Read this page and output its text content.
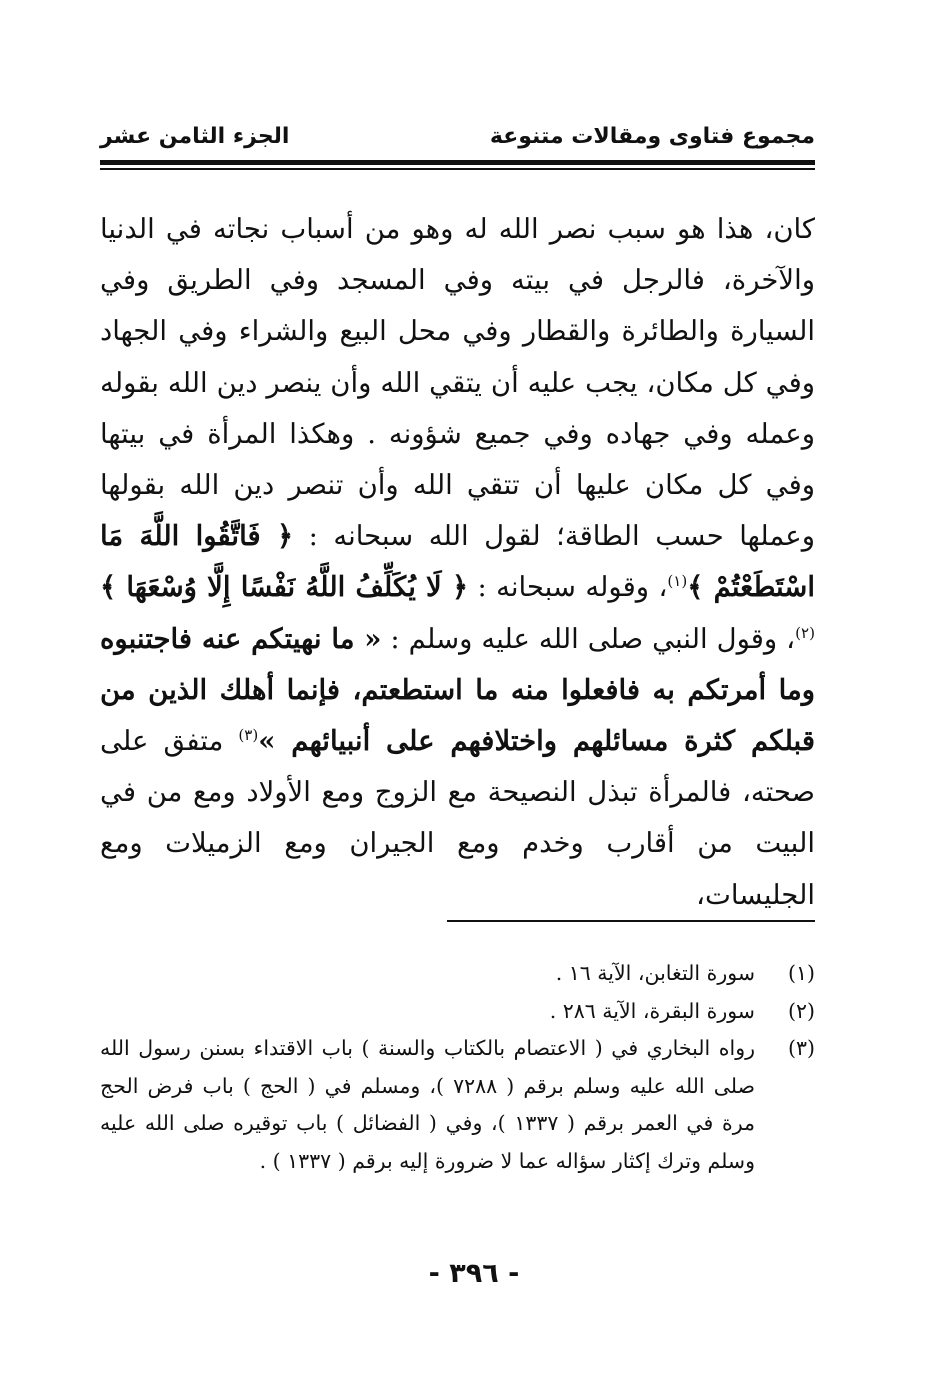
مجموع فتاوى ومقالات متنوعة
الجزء الثامن عشر

كان، هذا هو سبب نصر الله له وهو من أسباب نجاته في الدنيا والآخرة، فالرجل في بيته وفي المسجد وفي الطريق وفي السيارة والطائرة والقطار وفي محل البيع والشراء وفي الجهاد وفي كل مكان، يجب عليه أن يتقي الله وأن ينصر دين الله بقوله وعمله وفي جهاده وفي جميع شؤونه . وهكذا المرأة في بيتها وفي كل مكان عليها أن تتقي الله وأن تنصر دين الله بقولها وعملها حسب الطاقة؛ لقول الله سبحانه : ﴿ فَاتَّقُوا اللَّهَ مَا اسْتَطَعْتُمْ ﴾$^{(١)}$، وقوله سبحانه : ﴿ لَا يُكَلِّفُ اللَّهُ نَفْسًا إِلَّا وُسْعَهَا ﴾$^{(٢)}$، وقول النبي صلى الله عليه وسلم : « ما نهيتكم عنه فاجتنبوه وما أمرتكم به فافعلوا منه ما استطعتم، فإنما أهلك الذين من قبلكم كثرة مسائلهم واختلافهم على أنبيائهم »$^{(٣)}$ متفق على صحته، فالمرأة تبذل النصيحة مع الزوج ومع الأولاد ومع من في البيت من أقارب وخدم ومع الجيران ومع الزميلات ومع الجليسات،

(١)
سورة التغابن، الآية ١٦ .
(٢)
سورة البقرة، الآية ٢٨٦ .
(٣)
رواه البخاري في ( الاعتصام بالكتاب والسنة ) باب الاقتداء بسنن رسول الله صلى الله عليه وسلم برقم ( ٧٢٨٨ )، ومسلم في ( الحج ) باب فرض الحج مرة في العمر برقم ( ١٣٣٧ )، وفي ( الفضائل ) باب توقيره صلى الله عليه وسلم وترك إكثار سؤاله عما لا ضرورة إليه برقم ( ١٣٣٧ ) .
- ٣٩٦ -
